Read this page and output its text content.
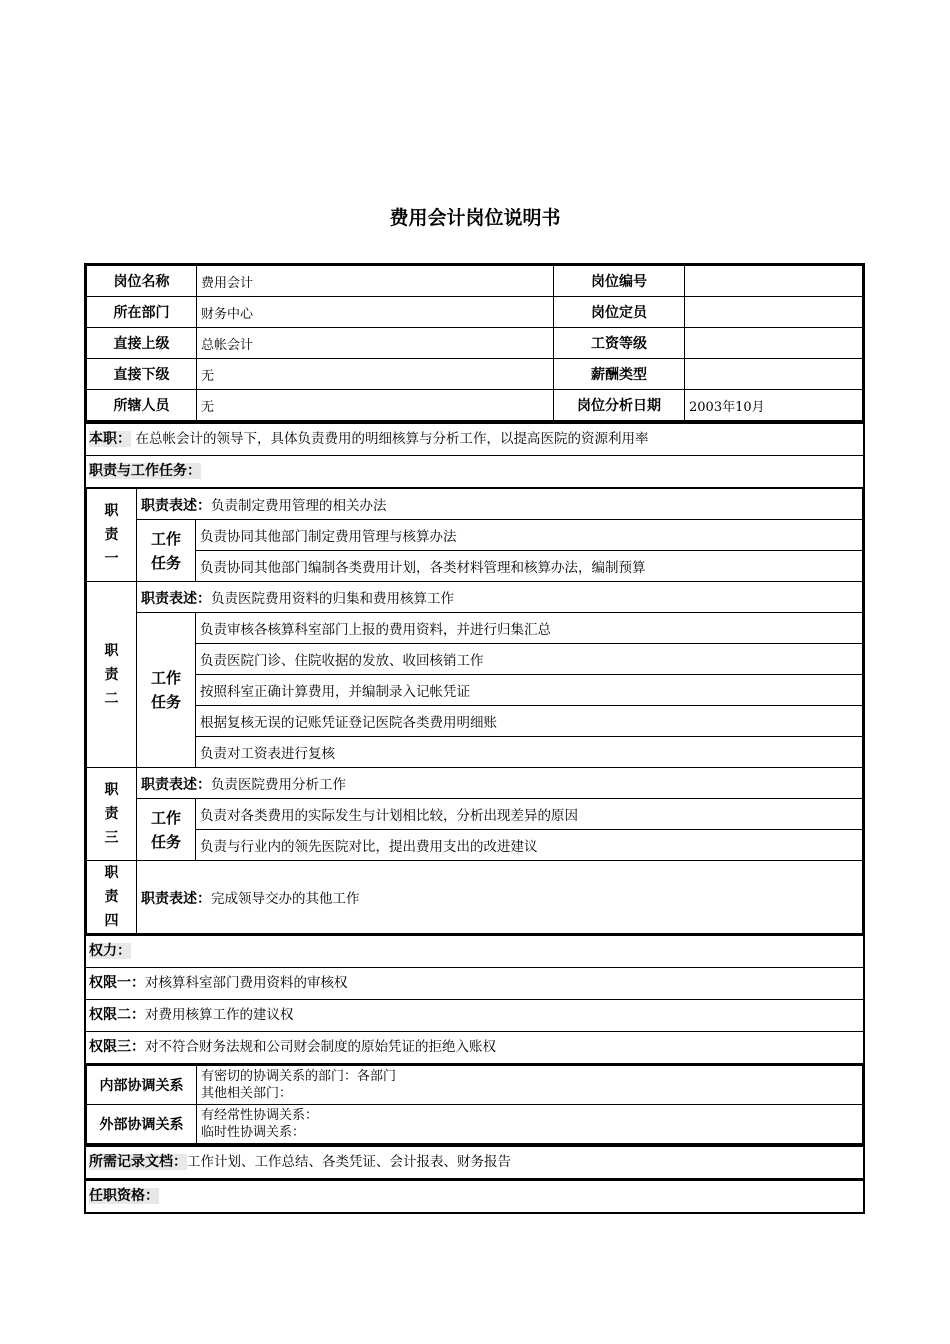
费用会计岗位说明书
岗位名称	费用会计	岗位编号	
所在部门	财务中心	岗位定员	
直接上级	总帐会计	工资等级	
直接下级	无	薪酬类型	
所辖人员	无	岗位分析日期	2003年10月
本职： 在总帐会计的领导下，具体负责费用的明细核算与分析工作，以提高医院的资源利用率
职责与工作任务：
职责一	职责表述：负责制定费用管理的相关办法	

	工作任务	负责协同其他部门制定费用管理与核算办法
		负责协同其他部门编制各类费用计划，各类材料管理和核算办法，编制预算

职责二	职责表述：负责医院费用资料的归集和费用核算工作	

	工作任务	负责审核各核算科室部门上报的费用资料，并进行归集汇总
		负责医院门诊、住院收据的发放、收回核销工作
		按照科室正确计算费用，并编制录入记帐凭证
		根据复核无误的记账凭证登记医院各类费用明细账
		负责对工资表进行复核

职责三	职责表述：负责医院费用分析工作	

	工作任务	负责对各类费用的实际发生与计划相比较，分析出现差异的原因
		负责与行业内的领先医院对比，提出费用支出的改进建议

职责四	职责表述：完成领导交办的其他工作	
权力：
权限一：对核算科室部门费用资料的审核权
权限二：对费用核算工作的建议权
权限三：对不符合财务法规和公司财会制度的原始凭证的拒绝入账权
内部协调关系	有密切的协调关系的部门：各部门
其他相关部门：

外部协调关系	有经常性协调关系：
临时性协调关系：
所需记录文档：工作计划、工作总结、各类凭证、会计报表、财务报告
任职资格：
